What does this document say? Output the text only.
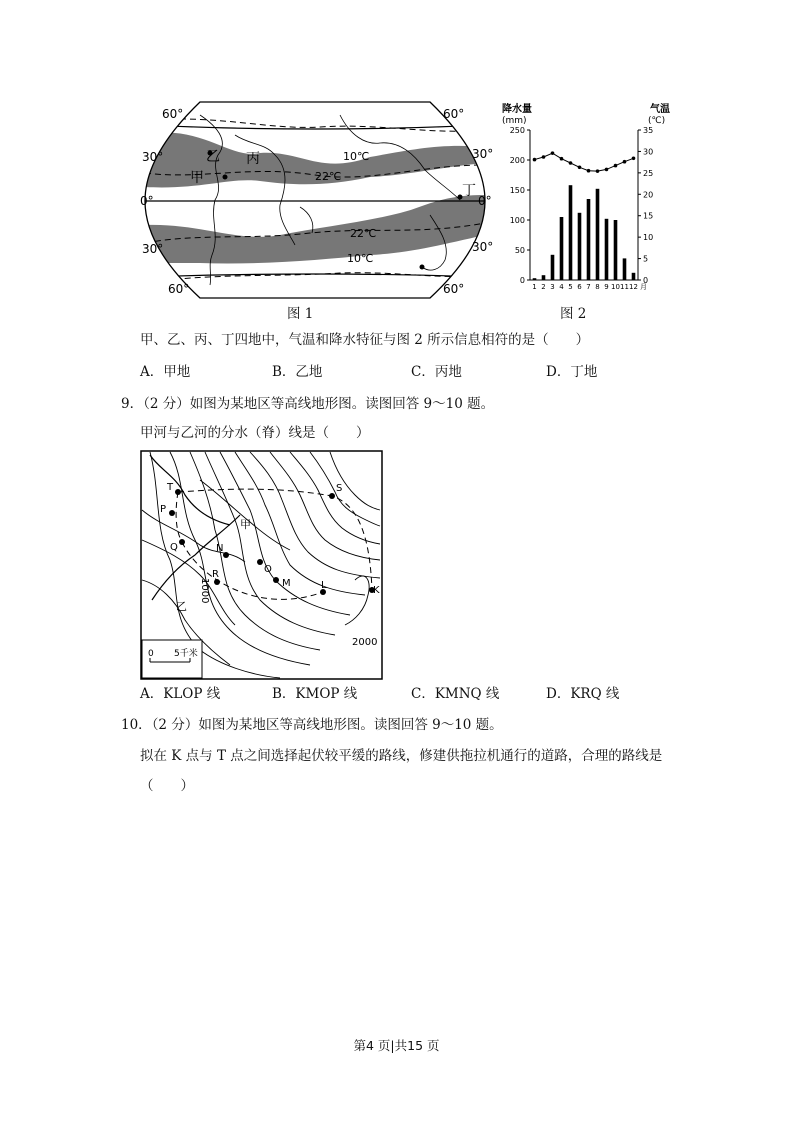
60°	60°
30°	30°
0°	0°
30°	30°
60°	60°
甲
乙 丙
丁
10℃
22℃
22℃
10℃
图 1
降水量
(mm)
气温
(℃)
0
50
100
150
200
250
0
5
10
15
20
25
30
35
1 2 3 4 5 6 7 8 9 10 11 12 月
图 2
甲、乙、丙、丁四地中，气温和降水特征与图 2 所示信息相符的是（　　）
A．甲地	B．乙地	C．丙地	D．丁地
9．（2 分）如图为某地区等高线地形图。读图回答 9～10 题。
甲河与乙河的分水（脊）线是（　　）
T
P
Q	N
R	O
M	L	K
S
甲
乙
1000
2000
0 5千米
A．KLOP 线	B．KMOP 线	C．KMNQ 线	D．KRQ 线
10．（2 分）如图为某地区等高线地形图。读图回答 9～10 题。
拟在 K 点与 T 点之间选择起伏较平缓的路线，修建供拖拉机通行的道路，合理的路线是
（　　）
第4 页|共15 页
